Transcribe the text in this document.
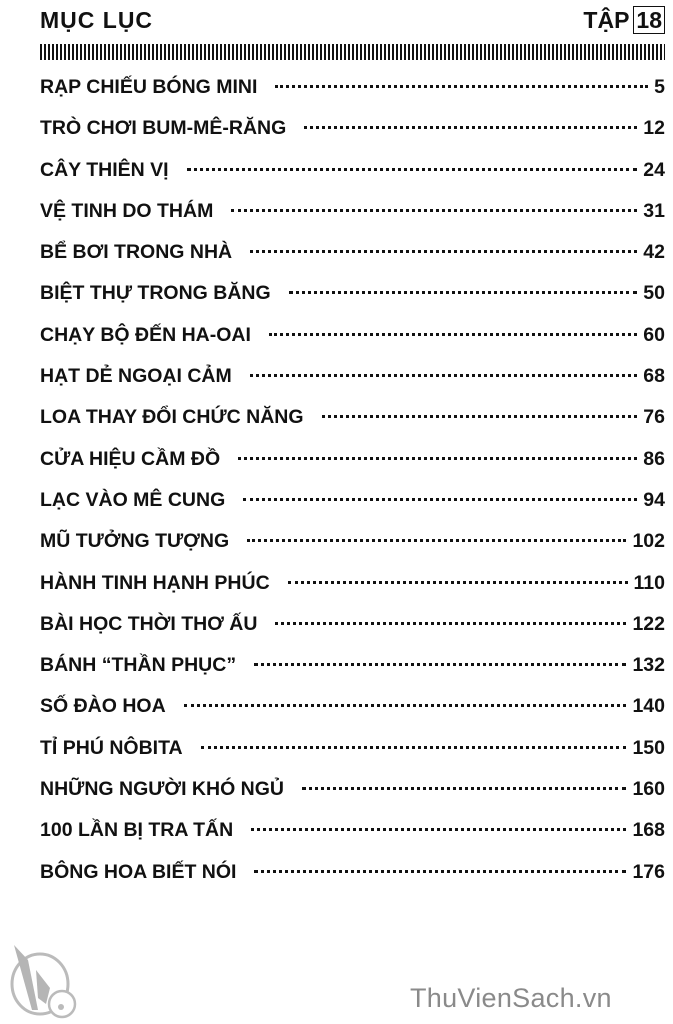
MỤC LỤC	TẬP 18
RẠP CHIẾU BÓNG MINI	5
TRÒ CHƠI BUM-MÊ-RĂNG	12
CÂY THIÊN VỊ	24
VỆ TINH DO THÁM	31
BỂ BƠI TRONG NHÀ	42
BIỆT THỰ TRONG BĂNG	50
CHẠY BỘ ĐẾN HA-OAI	60
HẠT DẺ NGOẠI CẢM	68
LOA THAY ĐỔI CHỨC NĂNG	76
CỬA HIỆU CẦM ĐỒ	86
LẠC VÀO MÊ CUNG	94
MŨ TƯỞNG TƯỢNG	102
HÀNH TINH HẠNH PHÚC	110
BÀI HỌC THỜI THƠ ẤU	122
BÁNH “THẦN PHỤC”	132
SỐ ĐÀO HOA	140
TỈ PHÚ NÔBITA	150
NHỮNG NGƯỜI KHÓ NGỦ	160
100 LẦN BỊ TRA TẤN	168
BÔNG HOA BIẾT NÓI	176
ThuVienSach.vn
